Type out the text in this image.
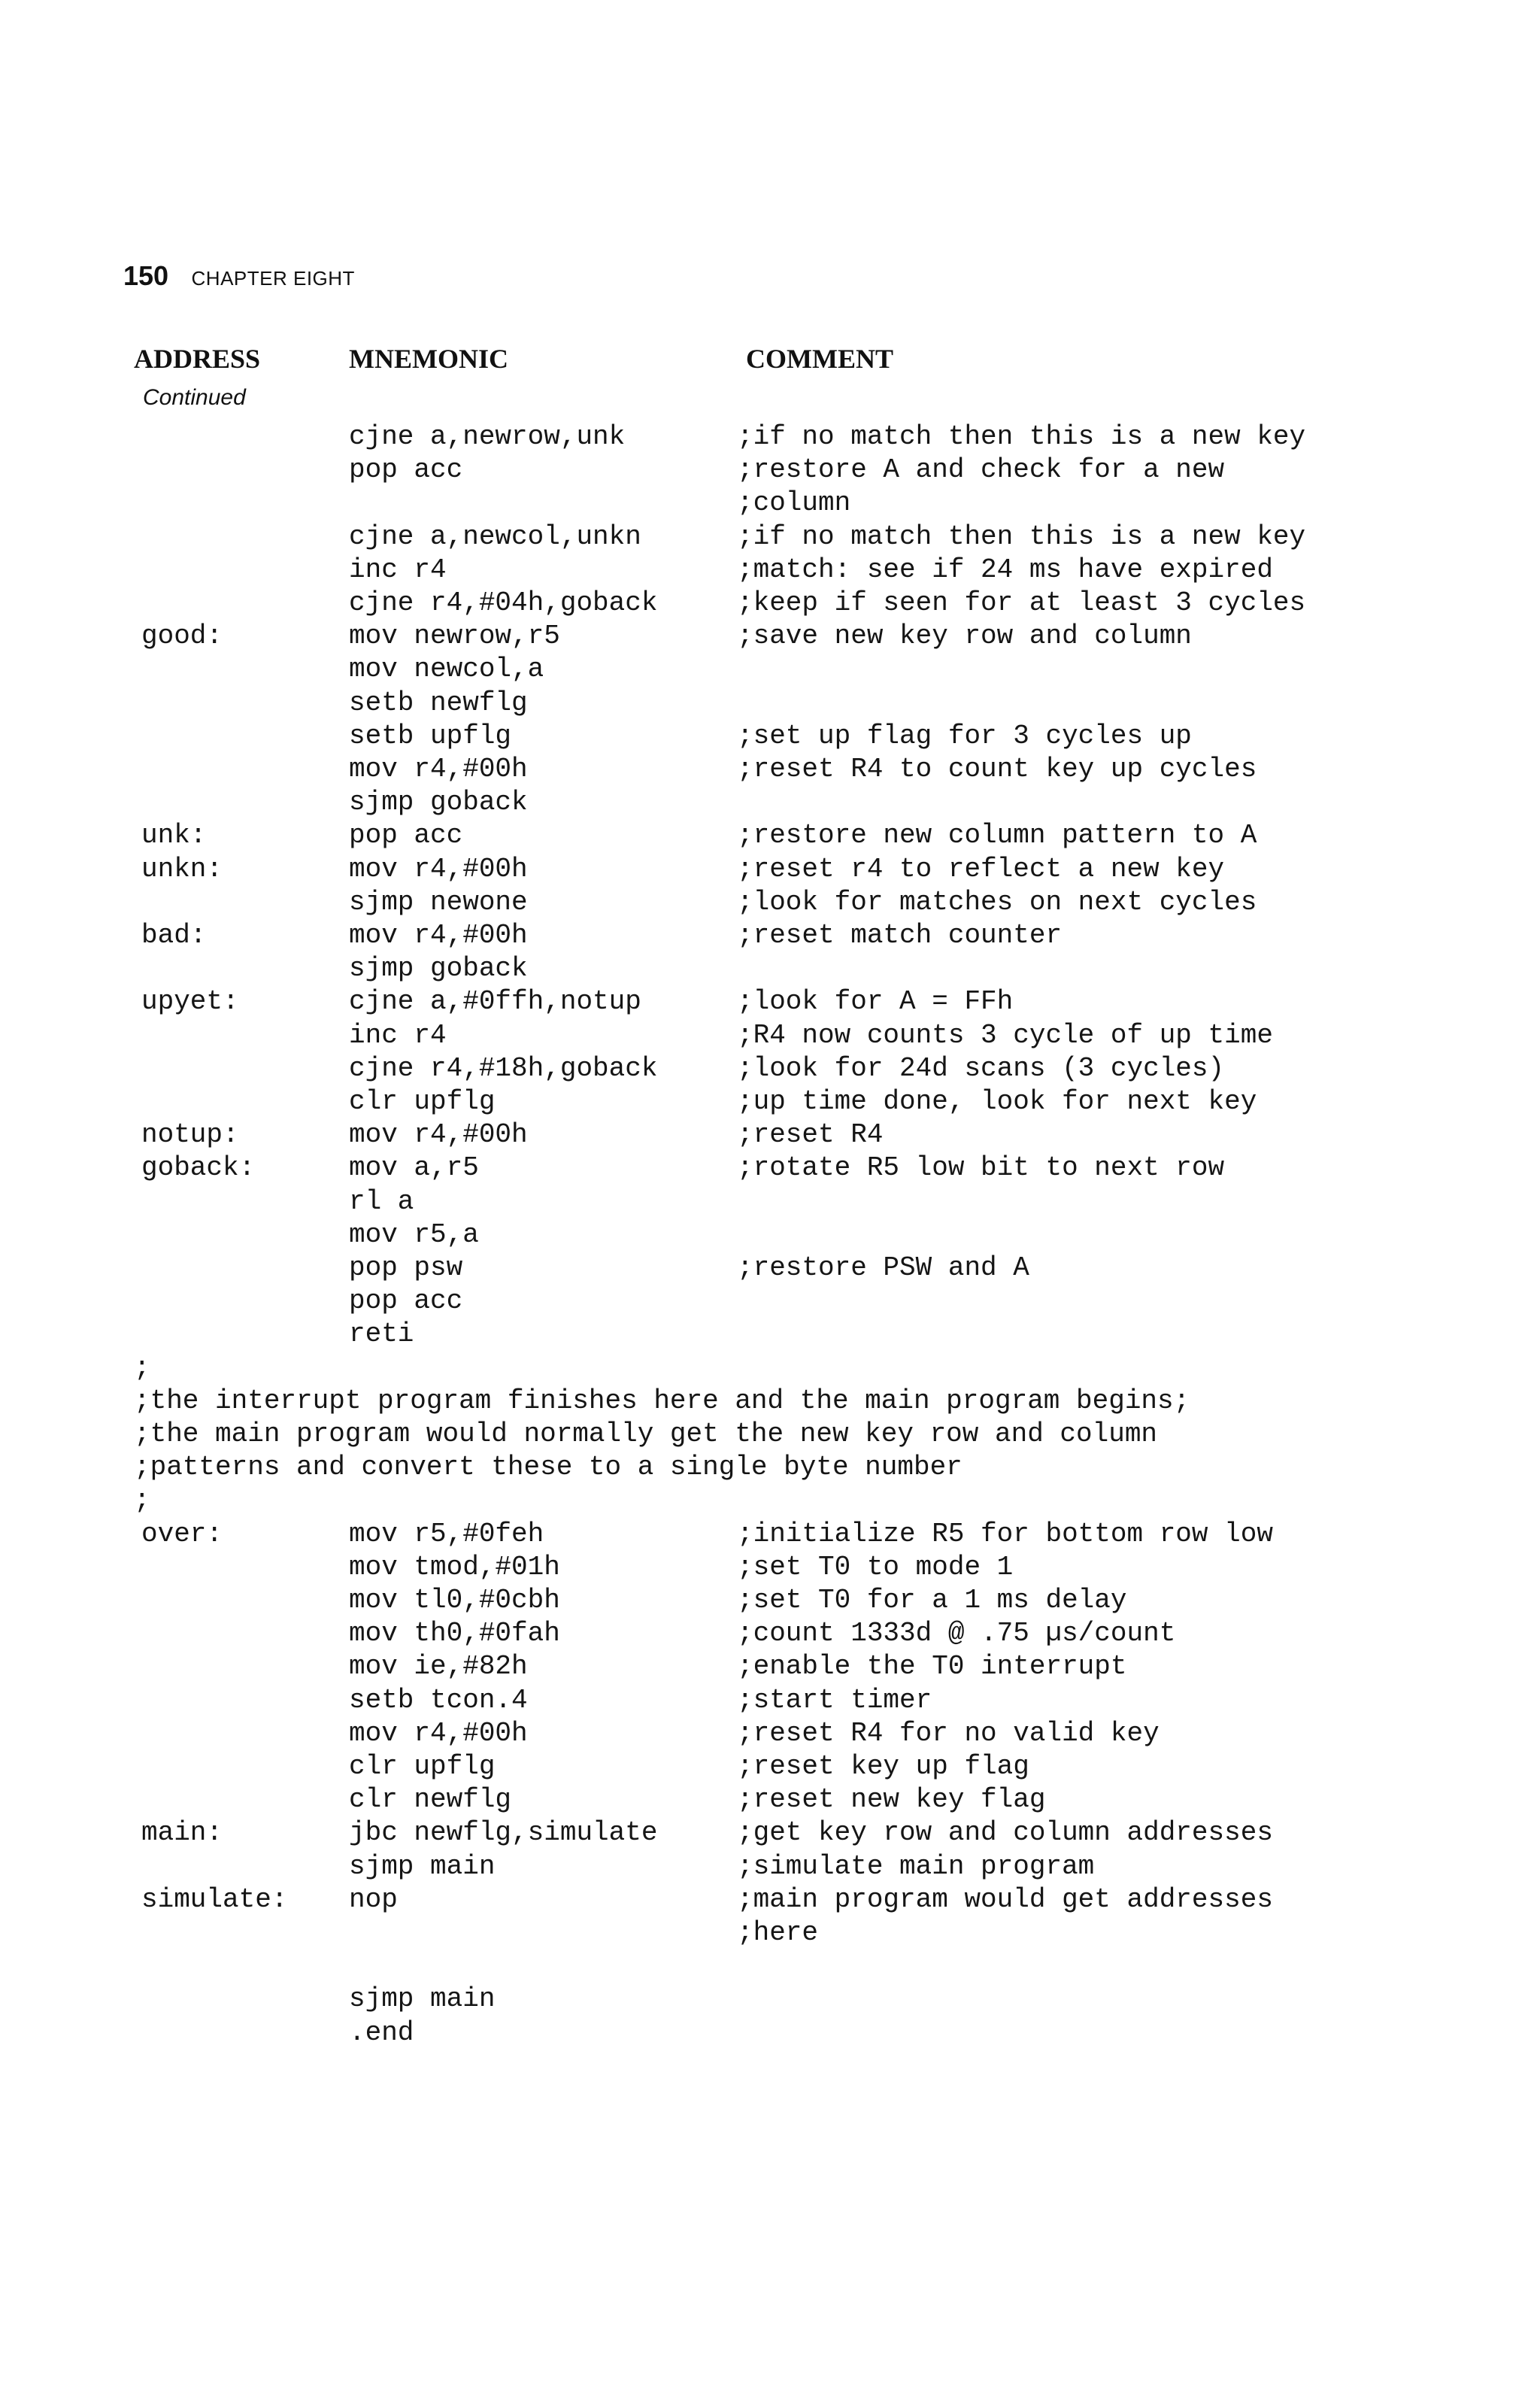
150 CHAPTER EIGHT
ADDRESS	MNEMONIC	COMMENT
Continued
cjne a,newrow,unk	;if no match then this is a new key
pop acc	;restore A and check for a new
;column
cjne a,newcol,unkn	;if no match then this is a new key
inc r4	;match: see if 24 ms have expired
cjne r4,#04h,goback	;keep if seen for at least 3 cycles
good:	mov newrow,r5	;save new key row and column
mov newcol,a
setb newflg
setb upflg	;set up flag for 3 cycles up
mov r4,#00h	;reset R4 to count key up cycles
sjmp goback
unk:	pop acc	;restore new column pattern to A
unkn:	mov r4,#00h	;reset r4 to reflect a new key
sjmp newone	;look for matches on next cycles
bad:	mov r4,#00h	;reset match counter
sjmp goback
upyet:	cjne a,#0ffh,notup	;look for A = FFh
inc r4	;R4 now counts 3 cycle of up time
cjne r4,#18h,goback	;look for 24d scans (3 cycles)
clr upflg	;up time done, look for next key
notup:	mov r4,#00h	;reset R4
goback:	mov a,r5	;rotate R5 low bit to next row
rl a
mov r5,a
pop psw	;restore PSW and A
pop acc
reti
;
;the interrupt program finishes here and the main program begins;
;the main program would normally get the new key row and column
;patterns and convert these to a single byte number
;
over:	mov r5,#0feh	;initialize R5 for bottom row low
mov tmod,#01h	;set T0 to mode 1
mov tl0,#0cbh	;set T0 for a 1 ms delay
mov th0,#0fah	;count 1333d @ .75 µs/count
mov ie,#82h	;enable the T0 interrupt
setb tcon.4	;start timer
mov r4,#00h	;reset R4 for no valid key
clr upflg	;reset key up flag
clr newflg	;reset new key flag
main:	jbc newflg,simulate	;get key row and column addresses
sjmp main	;simulate main program
simulate: nop	;main program would get addresses
;here
sjmp main
.end
